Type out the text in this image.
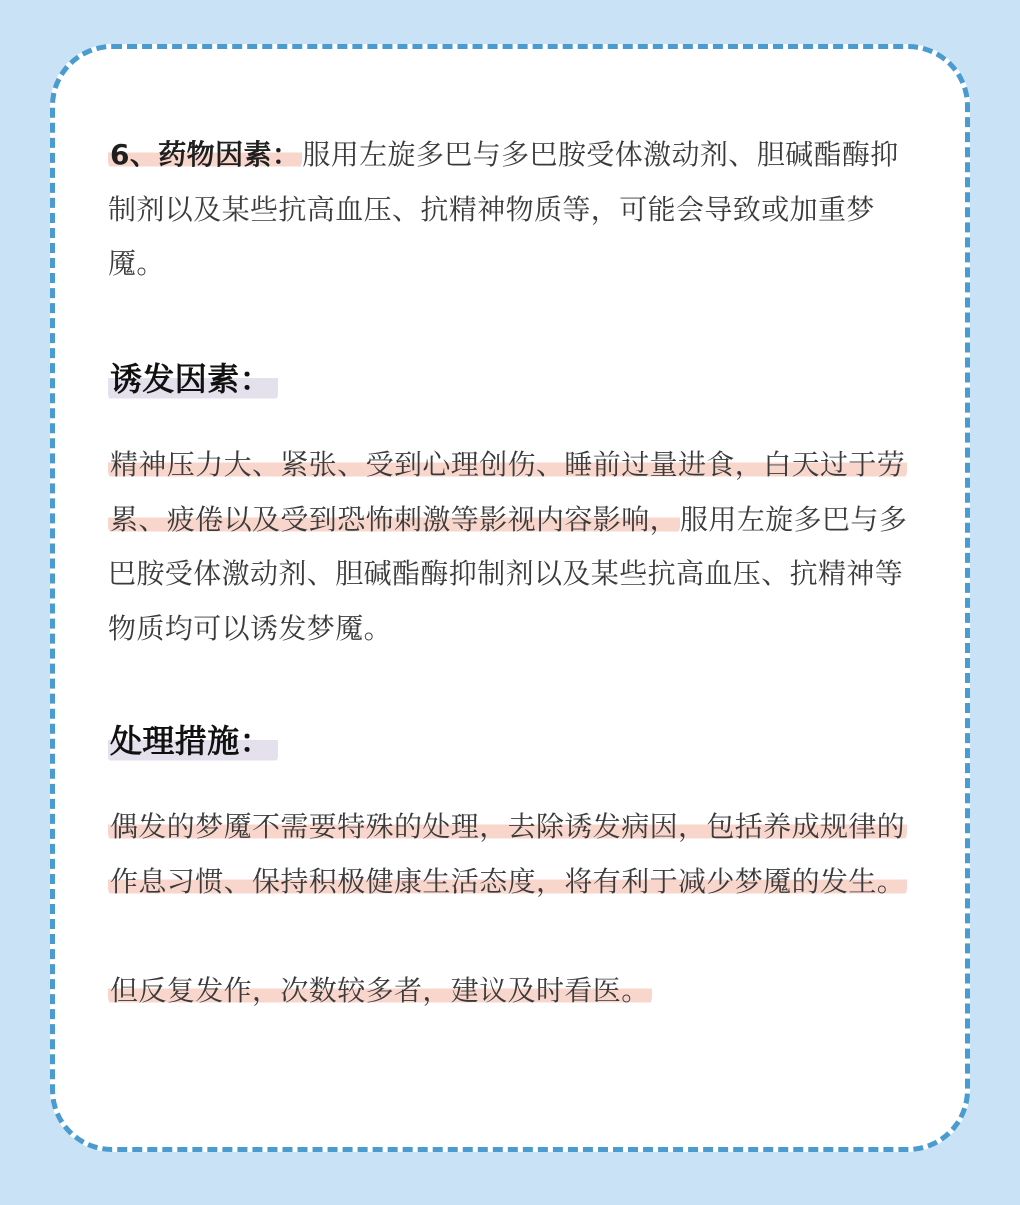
6、药物因素：服用左旋多巴与多巴胺受体激动剂、胆碱酯酶抑制剂以及某些抗高血压、抗精神物质等，可能会导致或加重梦魇。

诱发因素：

精神压力大、紧张、受到心理创伤、睡前过量进食，白天过于劳累、疲倦以及受到恐怖刺激等影视内容影响，服用左旋多巴与多巴胺受体激动剂、胆碱酯酶抑制剂以及某些抗高血压、抗精神等物质均可以诱发梦魇。

处理措施：

偶发的梦魇不需要特殊的处理，去除诱发病因，包括养成规律的作息习惯、保持积极健康生活态度，将有利于减少梦魇的发生。

但反复发作，次数较多者，建议及时看医。
